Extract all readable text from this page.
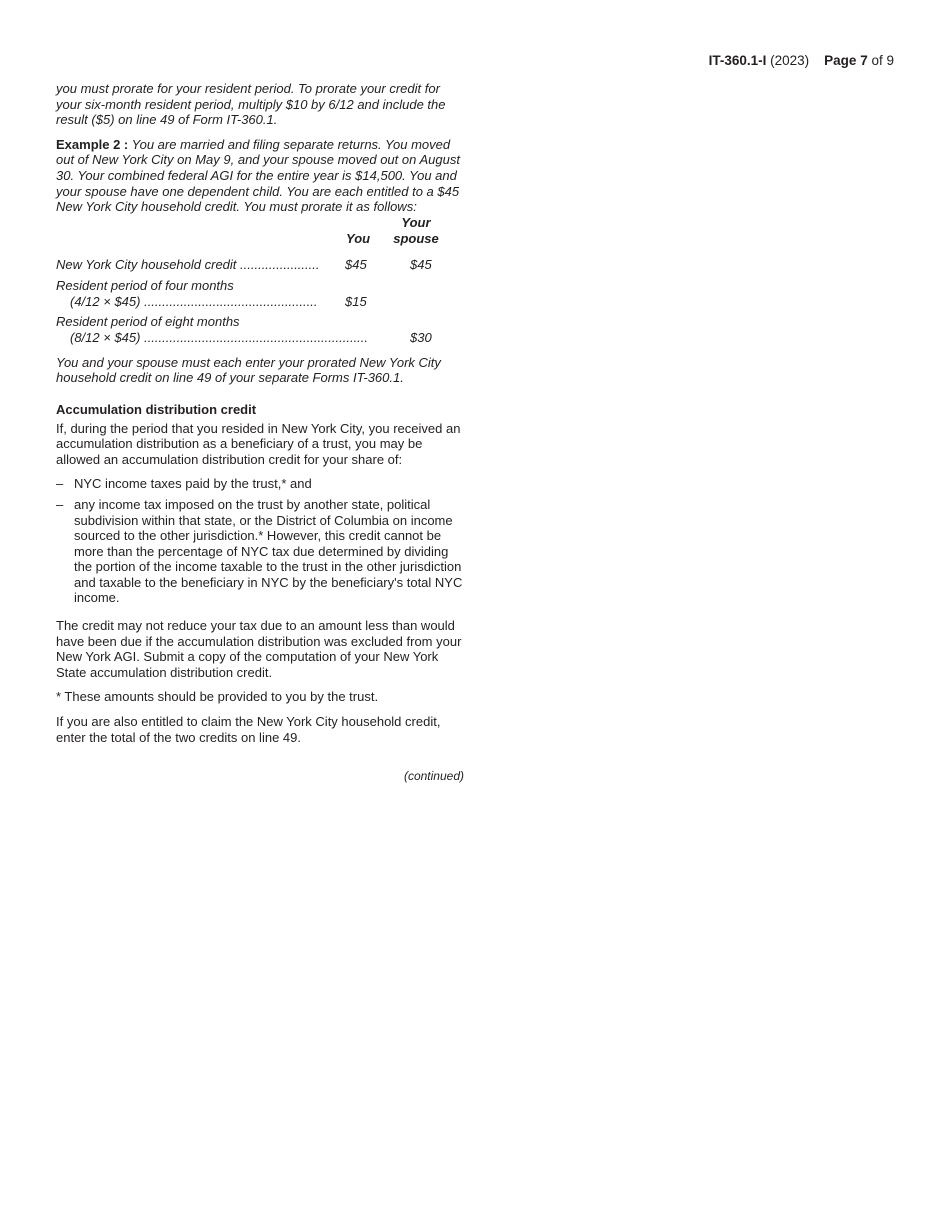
IT-360.1-I (2023) Page 7 of 9

you must prorate for your resident period. To prorate your credit for your six-month resident period, multiply $10 by 6/12 and include the result ($5) on line 49 of Form IT-360.1.

Example 2 : You are married and filing separate returns. You moved out of New York City on May 9, and your spouse moved out on August 30. Your combined federal AGI for the entire year is $14,500. You and your spouse have one dependent child. You are each entitled to a $45 New York City household credit. You must prorate it as follows:

You
Your
spouse
New York City household credit ...................... $45	$45
Resident period of four months
(4/12 × $45) ................................................ $15
Resident period of eight months
(8/12 × $45) ..............................................................	$30

You and your spouse must each enter your prorated New York City household credit on line 49 of your separate Forms IT-360.1.

Accumulation distribution credit

If, during the period that you resided in New York City, you received an accumulation distribution as a beneficiary of a trust, you may be allowed an accumulation distribution credit for your share of:

– NYC income taxes paid by the trust,* and
– any income tax imposed on the trust by another state, political subdivision within that state, or the District of Columbia on income sourced to the other jurisdiction.* However, this credit cannot be more than the percentage of NYC tax due determined by dividing the portion of the income taxable to the trust in the other jurisdiction and taxable to the beneficiary in NYC by the beneficiary's total NYC income.

The credit may not reduce your tax due to an amount less than would have been due if the accumulation distribution was excluded from your New York AGI. Submit a copy of the computation of your New York State accumulation distribution credit.

* These amounts should be provided to you by the trust.

If you are also entitled to claim the New York City household credit, enter the total of the two credits on line 49.

(continued)
